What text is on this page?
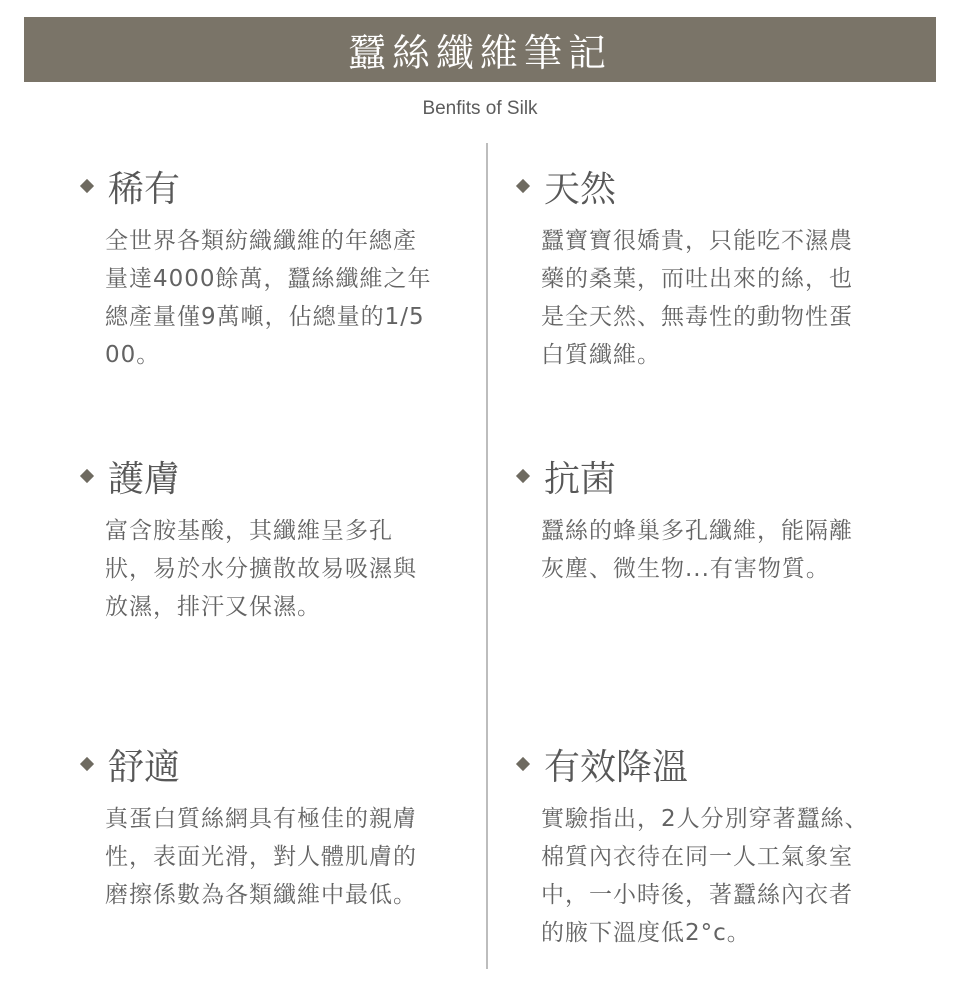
蠶絲纖維筆記
Benfits of Silk
稀有
全世界各類紡織纖維的年總產量達4000餘萬，蠶絲纖維之年總產量僅9萬噸，佔總量的1/500。
天然
蠶寶寶很嬌貴，只能吃不濕農藥的桑葉，而吐出來的絲，也是全天然、無毒性的動物性蛋白質纖維。
護膚
富含胺基酸，其纖維呈多孔狀，易於水分擴散故易吸濕與放濕，排汗又保濕。
抗菌
蠶絲的蜂巢多孔纖維，能隔離灰塵、微生物...有害物質。
舒適
真蛋白質絲網具有極佳的親膚性，表面光滑，對人體肌膚的磨擦係數為各類纖維中最低。
有效降溫
實驗指出，2人分別穿著蠶絲、棉質內衣待在同一人工氣象室中，一小時後，著蠶絲內衣者的腋下溫度低2°c。
